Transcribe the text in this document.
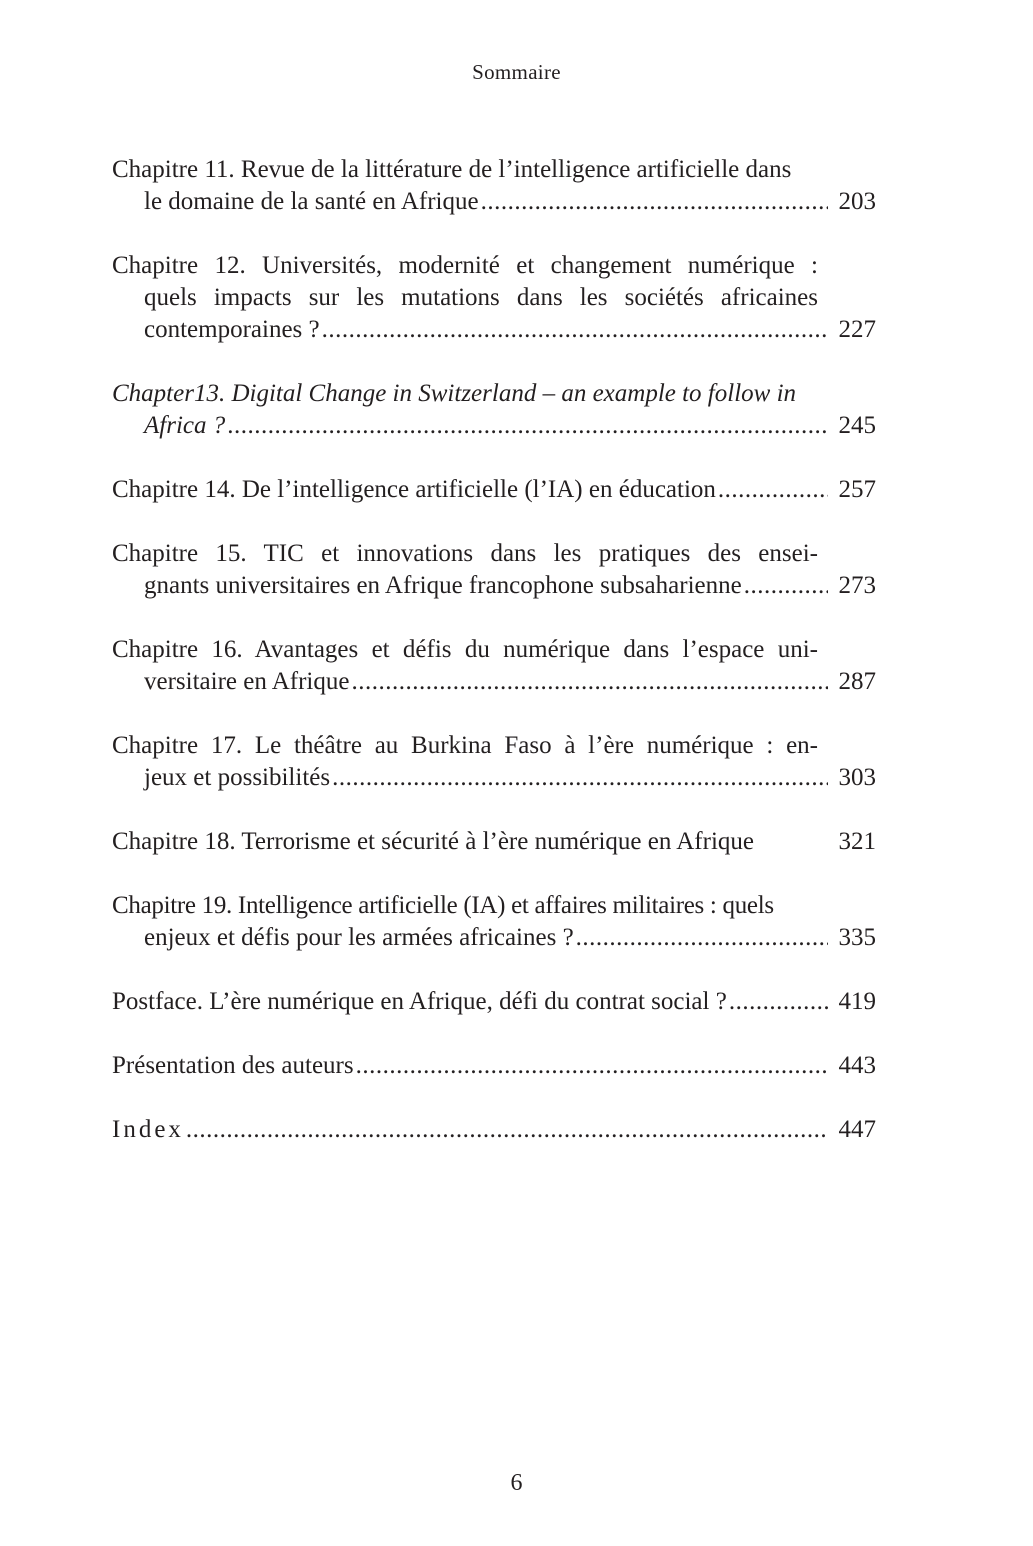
Sommaire
Chapitre 11. Revue de la littérature de l’intelligence artificielle dans
le domaine de la santé en Afrique .....	203
Chapitre 12. Universités, modernité et changement numérique :
quels impacts sur les mutations dans les sociétés africaines
contemporaines ? .....	227
Chapter 13. Digital Change in Switzerland – an example to follow in
Africa ? .....	245
Chapitre 14. De l’intelligence artificielle (l’IA) en éducation .....	257
Chapitre 15. TIC et innovations dans les pratiques des ensei-
gnants universitaires en Afrique francophone subsaharienne .....	273
Chapitre 16. Avantages et défis du numérique dans l’espace uni-
versitaire en Afrique .....	287
Chapitre 17. Le théâtre au Burkina Faso à l’ère numérique : en-
jeux et possibilités .....	303
Chapitre 18. Terrorisme et sécurité à l’ère numérique en Afrique	321
Chapitre 19. Intelligence artificielle (IA) et affaires militaires : quels
enjeux et défis pour les armées africaines ? .....	335
Postface. L’ère numérique en Afrique, défi du contrat social ? .....	419
Présentation des auteurs .....	443
Index .....	447
6
